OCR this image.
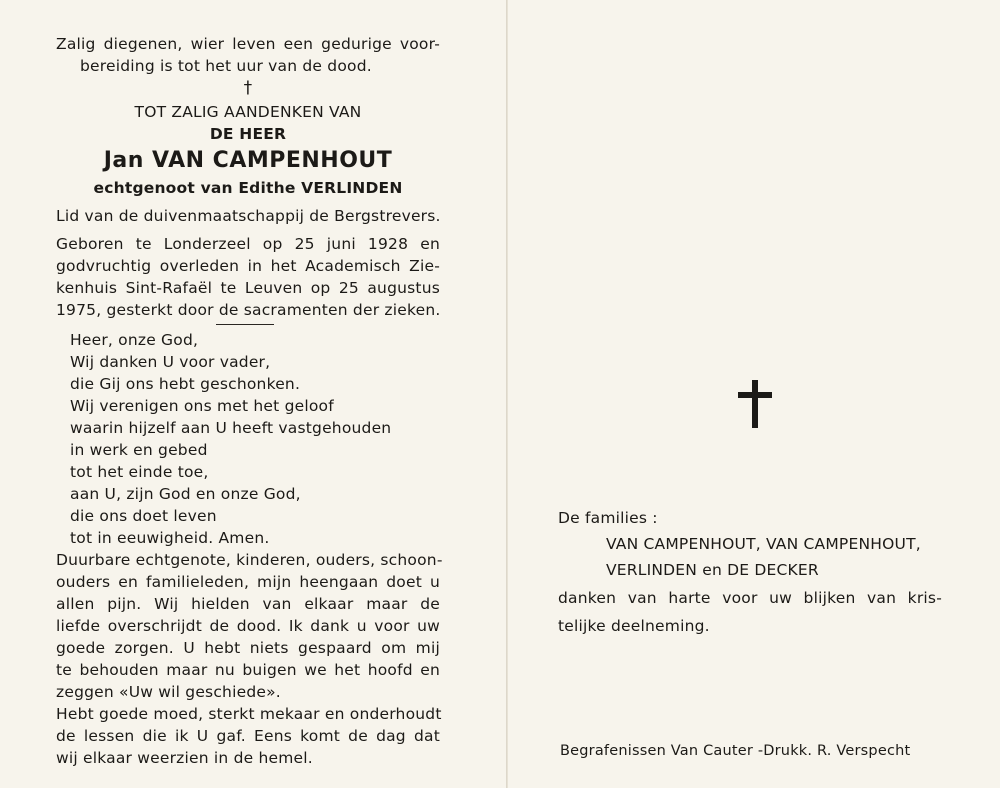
Zalig diegenen, wier leven een gedurige voor-
bereiding is tot het uur van de dood.
†
TOT ZALIG AANDENKEN VAN
DE HEER
Jan VAN CAMPENHOUT
echtgenoot van Edithe VERLINDEN
Lid van de duivenmaatschappij de Bergstrevers.
Geboren te Londerzeel op 25 juni 1928 en
godvruchtig overleden in het Academisch Zie-
kenhuis Sint-Rafaël te Leuven op 25 augustus
1975, gesterkt door de sacramenten der zieken.
Heer, onze God,
Wij danken U voor vader,
die Gij ons hebt geschonken.
Wij verenigen ons met het geloof
waarin hijzelf aan U heeft vastgehouden
in werk en gebed
tot het einde toe,
aan U, zijn God en onze God,
die ons doet leven
tot in eeuwigheid. Amen.
Duurbare echtgenote, kinderen, ouders, schoon-
ouders en familieleden, mijn heengaan doet u
allen pijn. Wij hielden van elkaar maar de
liefde overschrijdt de dood. Ik dank u voor uw
goede zorgen. U hebt niets gespaard om mij
te behouden maar nu buigen we het hoofd en
zeggen «Uw wil geschiede».
Hebt goede moed, sterkt mekaar en onderhoudt
de lessen die ik U gaf. Eens komt de dag dat
wij elkaar weerzien in de hemel.
De families :
VAN CAMPENHOUT, VAN CAMPENHOUT,
VERLINDEN en DE DECKER
danken van harte voor uw blijken van kris-
telijke deelneming.
Begrafenissen Van Cauter -Drukk. R. Verspecht
